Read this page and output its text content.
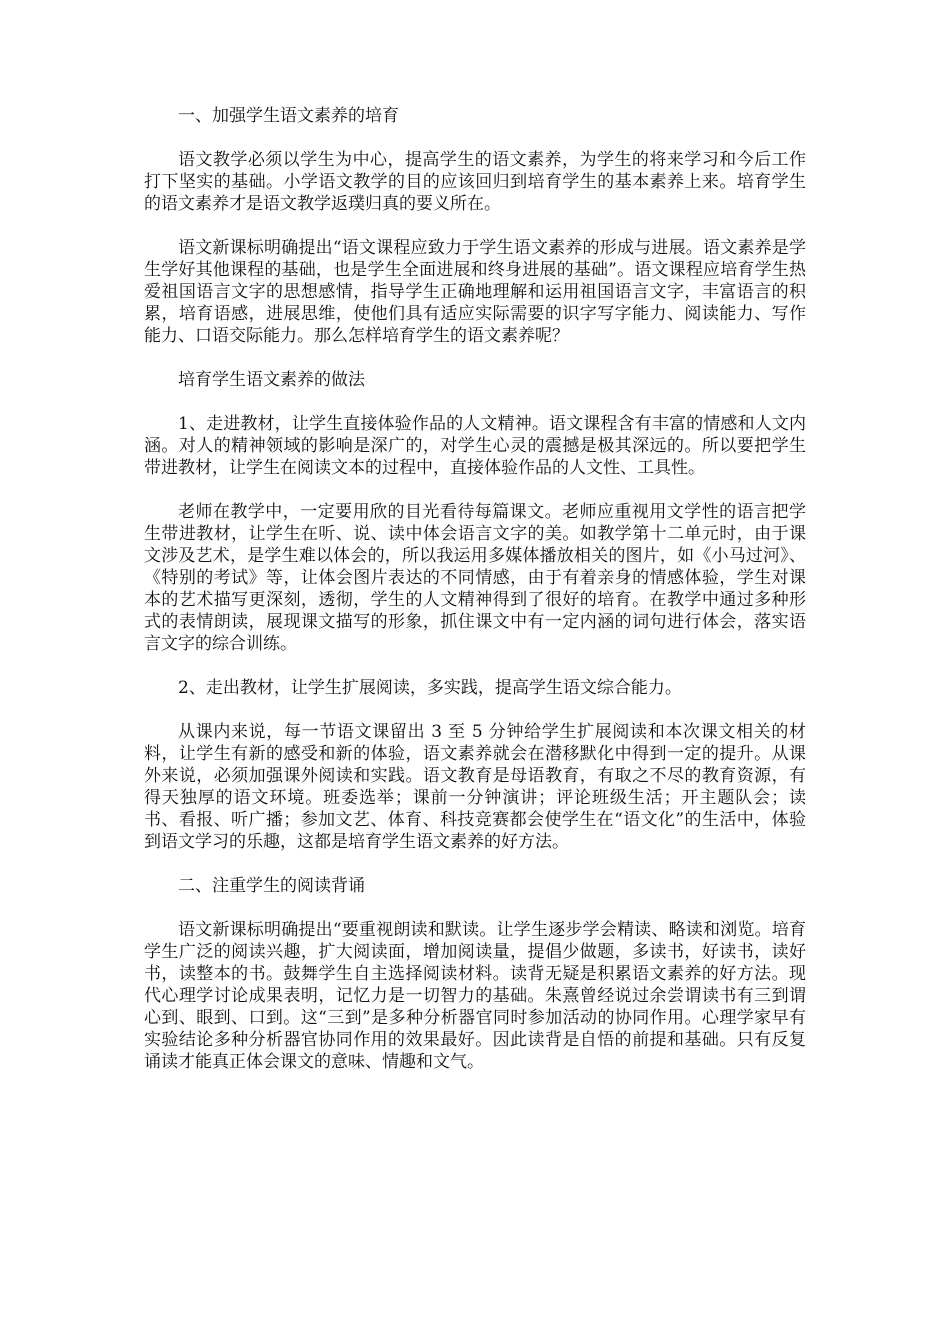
一、加强学生语文素养的培育

语文教学必须以学生为中心，提高学生的语文素养，为学生的将来学习和今后工作打下坚实的基础。小学语文教学的目的应该回归到培育学生的基本素养上来。培育学生的语文素养才是语文教学返璞归真的要义所在。

语文新课标明确提出“语文课程应致力于学生语文素养的形成与进展。语文素养是学生学好其他课程的基础，也是学生全面进展和终身进展的基础”。语文课程应培育学生热爱祖国语言文字的思想感情，指导学生正确地理解和运用祖国语言文字，丰富语言的积累，培育语感，进展思维，使他们具有适应实际需要的识字写字能力、阅读能力、写作能力、口语交际能力。那么怎样培育学生的语文素养呢？

培育学生语文素养的做法

1、走进教材，让学生直接体验作品的人文精神。语文课程含有丰富的情感和人文内涵。对人的精神领域的影响是深广的，对学生心灵的震撼是极其深远的。所以要把学生带进教材，让学生在阅读文本的过程中，直接体验作品的人文性、工具性。

老师在教学中，一定要用欣的目光看待每篇课文。老师应重视用文学性的语言把学生带进教材，让学生在听、说、读中体会语言文字的美。如教学第十二单元时，由于课文涉及艺术，是学生难以体会的，所以我运用多媒体播放相关的图片，如《小马过河》、《特别的考试》等，让体会图片表达的不同情感，由于有着亲身的情感体验，学生对课本的艺术描写更深刻，透彻，学生的人文精神得到了很好的培育。在教学中通过多种形式的表情朗读，展现课文描写的形象，抓住课文中有一定内涵的词句进行体会，落实语言文字的综合训练。

2、走出教材，让学生扩展阅读，多实践，提高学生语文综合能力。

从课内来说，每一节语文课留出 3 至 5 分钟给学生扩展阅读和本次课文相关的材料，让学生有新的感受和新的体验，语文素养就会在潜移默化中得到一定的提升。从课外来说，必须加强课外阅读和实践。语文教育是母语教育，有取之不尽的教育资源，有得天独厚的语文环境。班委选举；课前一分钟演讲；评论班级生活；开主题队会；读书、看报、听广播；参加文艺、体育、科技竞赛都会使学生在“语文化”的生活中，体验到语文学习的乐趣，这都是培育学生语文素养的好方法。

二、注重学生的阅读背诵

语文新课标明确提出“要重视朗读和默读。让学生逐步学会精读、略读和浏览。培育学生广泛的阅读兴趣，扩大阅读面，增加阅读量，提倡少做题，多读书，好读书，读好书，读整本的书。鼓舞学生自主选择阅读材料。读背无疑是积累语文素养的好方法。现代心理学讨论成果表明，记忆力是一切智力的基础。朱熹曾经说过余尝谓读书有三到谓心到、眼到、口到。这“三到”是多种分析器官同时参加活动的协同作用。心理学家早有实验结论多种分析器官协同作用的效果最好。因此读背是自悟的前提和基础。只有反复诵读才能真正体会课文的意味、情趣和文气。
